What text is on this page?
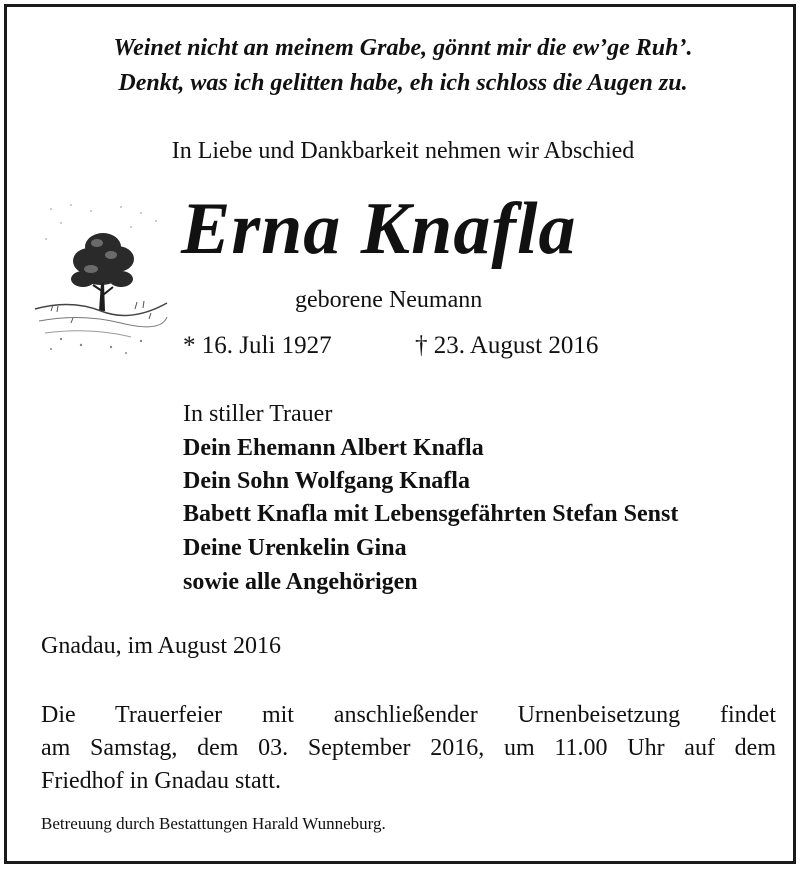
Weinet nicht an meinem Grabe, gönnt mir die ew’ge Ruh’.
Denkt, was ich gelitten habe, eh ich schloss die Augen zu.
In Liebe und Dankbarkeit nehmen wir Abschied
Erna Knafla
geborene Neumann
* 16. Juli 1927	† 23. August 2016
In stiller Trauer
Dein Ehemann Albert Knafla
Dein Sohn Wolfgang Knafla
Babett Knafla mit Lebensgefährten Stefan Senst
Deine Urenkelin Gina
sowie alle Angehörigen
Gnadau, im August 2016
Die Trauerfeier mit anschließender Urnenbeisetzung findet
am Samstag, dem 03. September 2016, um 11.00 Uhr auf dem
Friedhof in Gnadau statt.
Betreuung durch Bestattungen Harald Wunneburg.
